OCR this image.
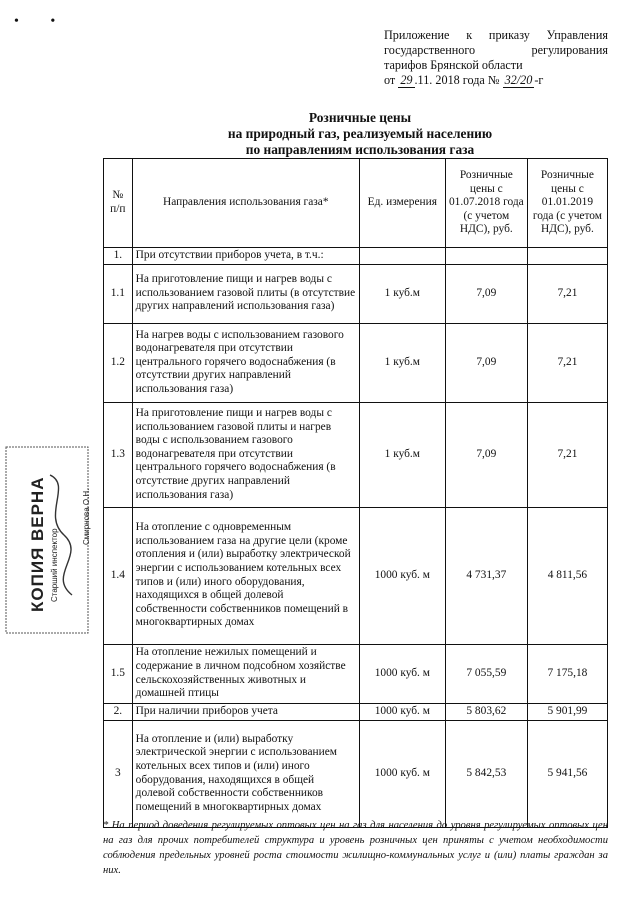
• •
Приложение к приказу Управления
государственного регулирования
тарифов Брянской области
от 29 .11. 2018 года № 32/20 -г
Розничные цены
на природный газ, реализуемый населению
по направлениям использования газа
№ п/п	Направления использования газа*	Ед. измерения	Розничные цены с 01.07.2018 года (с учетом НДС), руб.	Розничные цены с 01.01.2019 года (с учетом НДС), руб.
1.	При отсутствии приборов учета, в т.ч.:			
1.1	На приготовление пищи и нагрев воды с использованием газовой плиты (в отсутствие других направлений использования газа)	1 куб.м	7,09	7,21
1.2	На нагрев воды с использованием газового водонагревателя при отсутствии центрального горячего водоснабжения (в отсутствии других направлений использования газа)	1 куб.м	7,09	7,21
1.3	На приготовление пищи и нагрев воды с использованием газовой плиты и нагрев воды с использованием газового водонагревателя при отсутствии центрального горячего водоснабжения (в отсутствие других направлений использования газа)	1 куб.м	7,09	7,21
1.4	На отопление с одновременным использованием газа на другие цели (кроме отопления и (или) выработку электрической энергии с использованием котельных всех типов и (или) иного оборудования, находящихся в общей долевой собственности собственников помещений в многоквартирных домах	1000 куб. м	4 731,37	4 811,56
1.5	На отопление нежилых помещений и содержание в личном подсобном хозяйстве сельскохозяйственных животных и домашней птицы	1000 куб. м	7 055,59	7 175,18
2.	При наличии приборов учета	1000 куб. м	5 803,62	5 901,99
3	На отопление и (или) выработку электрической энергии с использованием котельных всех типов и (или) иного оборудования, находящихся в общей долевой собственности собственников помещений в многоквартирных домах	1000 куб. м	5 842,53	5 941,56
* На период доведения регулируемых оптовых цен на газ для населения до уровня регулируемых оптовых цен на газ для прочих потребителей структура и уровень розничных цен приняты с учетом необходимости соблюдения предельных уровней роста стоимости жилищно-коммунальных услуг и (или) платы граждан за них.
КОПИЯ ВЕРНА Старший инспектор
Смирнова О.Н.
